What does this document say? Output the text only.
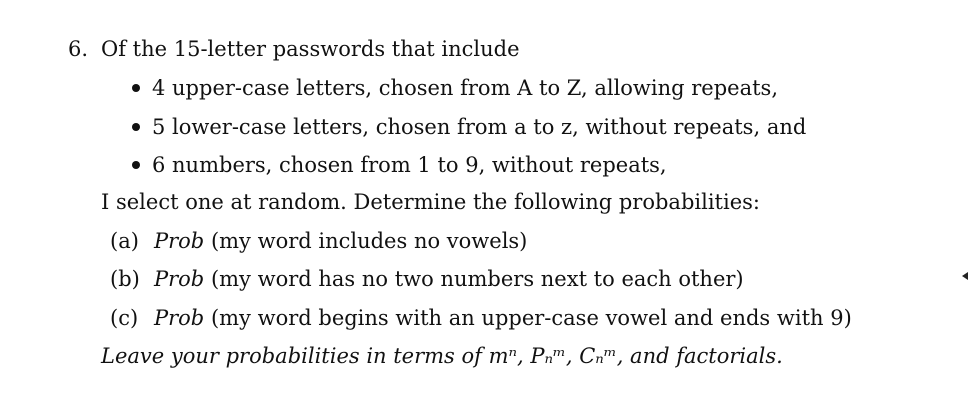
6. Of the 15-letter passwords that include
4 upper-case letters, chosen from A to Z, allowing repeats,
5 lower-case letters, chosen from a to z, without repeats, and
6 numbers, chosen from 1 to 9, without repeats,
I select one at random. Determine the following probabilities:
(a) Prob (my word includes no vowels)
(b) Prob (my word has no two numbers next to each other)
(c) Prob (my word begins with an upper-case vowel and ends with 9)
Leave your probabilities in terms of mⁿ, Pₙᵐ, Cₙᵐ, and factorials.
